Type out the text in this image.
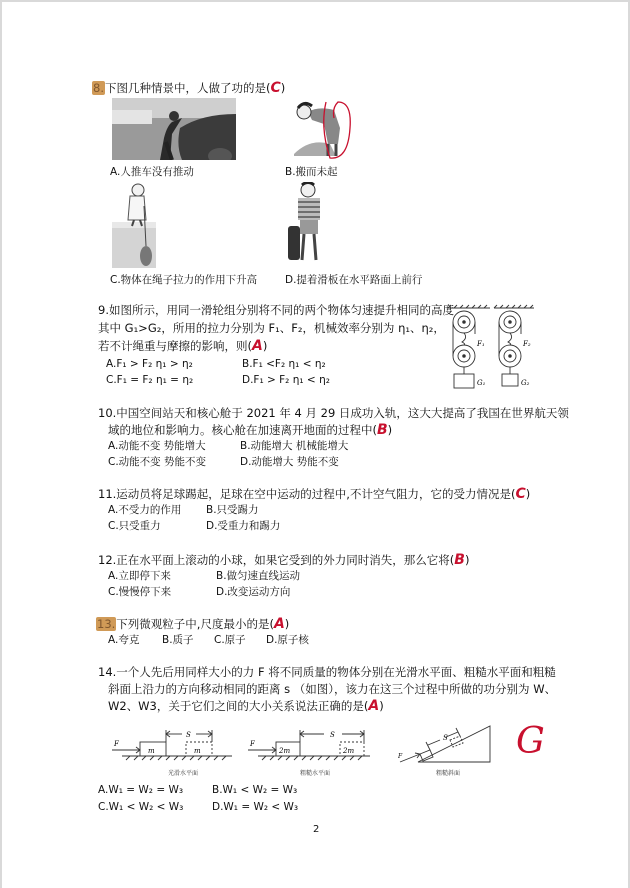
8.下图几种情景中，人做了功的是(C)
A.人推车没有推动	B.搬而未起
C.物体在绳子拉力的作用下升高	D.提着滑板在水平路面上前行
9.如图所示，用同一滑轮组分别将不同的两个物体匀速提升相同的高度
其中 G₁>G₂，所用的拉力分别为 F₁、F₂，机械效率分别为 η₁、η₂，
若不计绳重与摩擦的影响，则(A)
A.F₁ > F₂ η₁ > η₂	B.F₁ <F₂ η₁ < η₂
C.F₁ = F₂ η₁ = η₂	D.F₁ > F₂ η₁ < η₂
F₁	F₂
G₁	G₂
10.中国空间站天和核心舱于 2021 年 4 月 29 日成功入轨，这大大提高了我国在世界航天领
域的地位和影响力。核心舱在加速离开地面的过程中(B)
A.动能不变 势能增大	B.动能增大 机械能增大
C.动能不变 势能不变	D.动能增大 势能不变
11.运动员将足球踢起，足球在空中运动的过程中,不计空气阻力，它的受力情况是(C)
A.不受力的作用 B.只受踢力
C.只受重力	D.受重力和踢力
12.正在水平面上滚动的小球，如果它受到的外力同时消失，那么它将(B)
A.立即停下来	B.做匀速直线运动
C.慢慢停下来	D.改变运动方向
13.下列微观粒子中,尺度最小的是(A)
A.夸克 B.质子 C.原子 D.原子核
14.一个人先后用同样大小的力 F 将不同质量的物体分别在光滑水平面、粗糙水平面和粗糙
斜面上沿力的方向移动相同的距离 s （如图），该力在这三个过程中所做的功分别为 W、
W2、W3，关于它们之间的大小关系说法正确的是(A)
F
S
m	m
光滑水平面
F
S
2m	2m
粗糙水平面
S
F
粗糙斜面
G
A.W₁ = W₂ = W₃	B.W₁ < W₂ = W₃
C.W₁ < W₂ < W₃	D.W₁ = W₂ < W₃
2
